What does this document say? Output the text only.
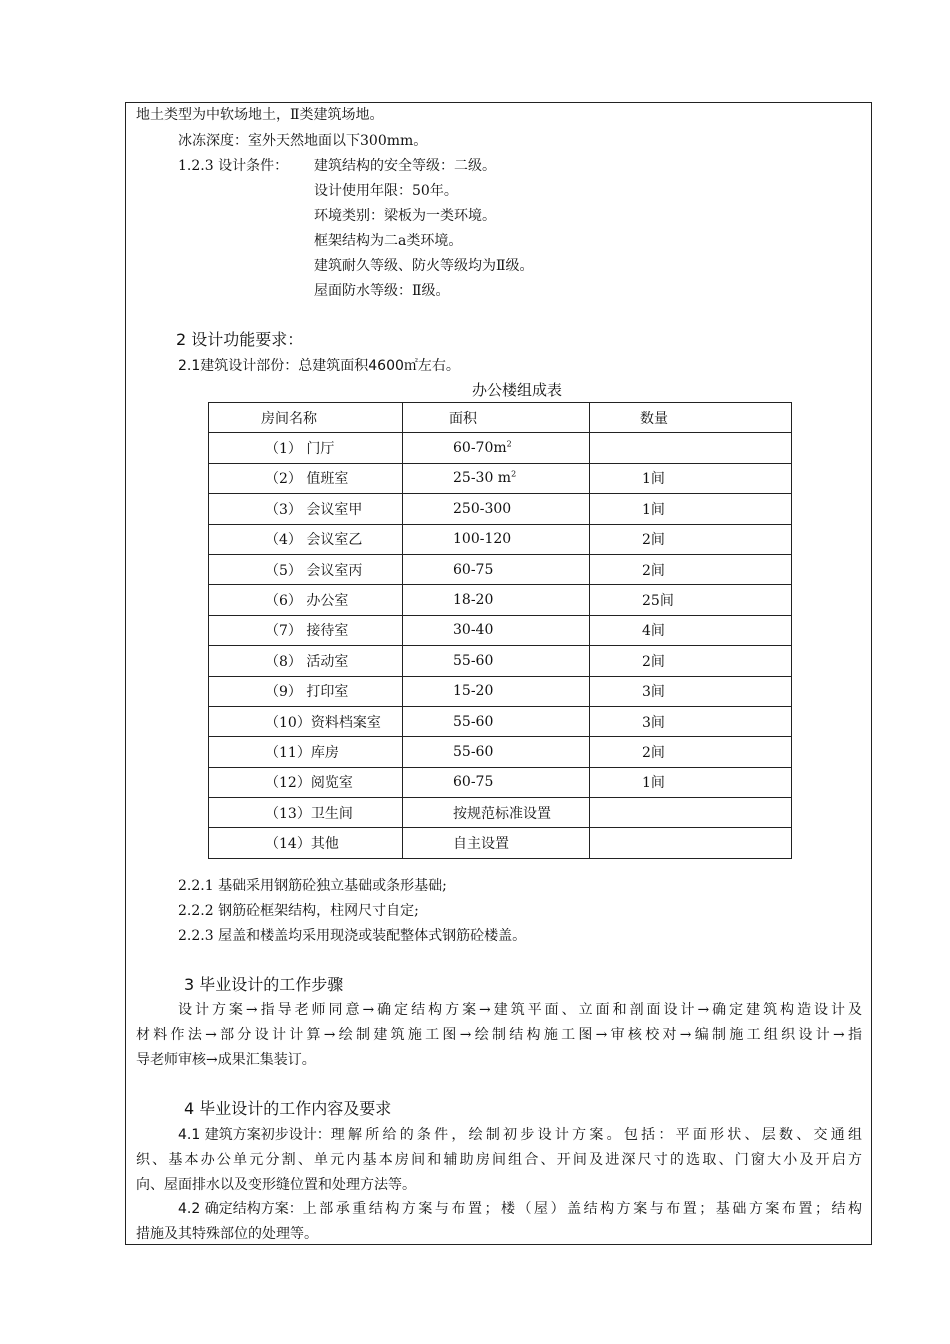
地土类型为中软场地土，Ⅱ类建筑场地。
冰冻深度：室外天然地面以下300mm。
1.2.3 设计条件： 建筑结构的安全等级：二级。
设计使用年限：50年。
环境类别：梁板为一类环境。
框架结构为二a类环境。
建筑耐久等级、防火等级均为Ⅱ级。
屋面防水等级：Ⅱ级。
2 设计功能要求：
2.1建筑设计部份：总建筑面积4600㎡左右。
办公楼组成表
房间名称	面积	数量
（1） 门厅	$60-70m^2$	
（2） 值班室	25-30 $m^2$	1间
（3） 会议室甲	250-300	1间
（4） 会议室乙	100-120	2间
（5） 会议室丙	60-75	2间
（6） 办公室	18-20	25间
（7） 接待室	30-40	4间
（8） 活动室	55-60	2间
（9） 打印室	15-20	3间
（10）资料档案室	55-60	3间
（11）库房	55-60	2间
（12）阅览室	60-75	1间
（13）卫生间	按规范标准设置	
（14）其他	自主设置	
2.2.1 基础采用钢筋砼独立基础或条形基础;
2.2.2 钢筋砼框架结构，柱网尺寸自定;
2.2.3 屋盖和楼盖均采用现浇或装配整体式钢筋砼楼盖。
3 毕业设计的工作步骤
设计方案→指导老师同意→确定结构方案→建筑平面、立面和剖面设计→确定建筑构造设计及
材料作法→部分设计计算→绘制建筑施工图→绘制结构施工图→审核校对→编制施工组织设计→指
导老师审核→成果汇集装订。
4 毕业设计的工作内容及要求
4.1 建筑方案初步设计： 理解所给的条件，绘制初步设计方案。包括：平面形状、层数、交通组
织、基本办公单元分割、单元内基本房间和辅助房间组合、开间及进深尺寸的选取、门窗大小及开启方
向、屋面排水以及变形缝位置和处理方法等。
4.2 确定结构方案： 上部承重结构方案与布置；楼（屋）盖结构方案与布置；基础方案布置；结构
措施及其特殊部位的处理等。
